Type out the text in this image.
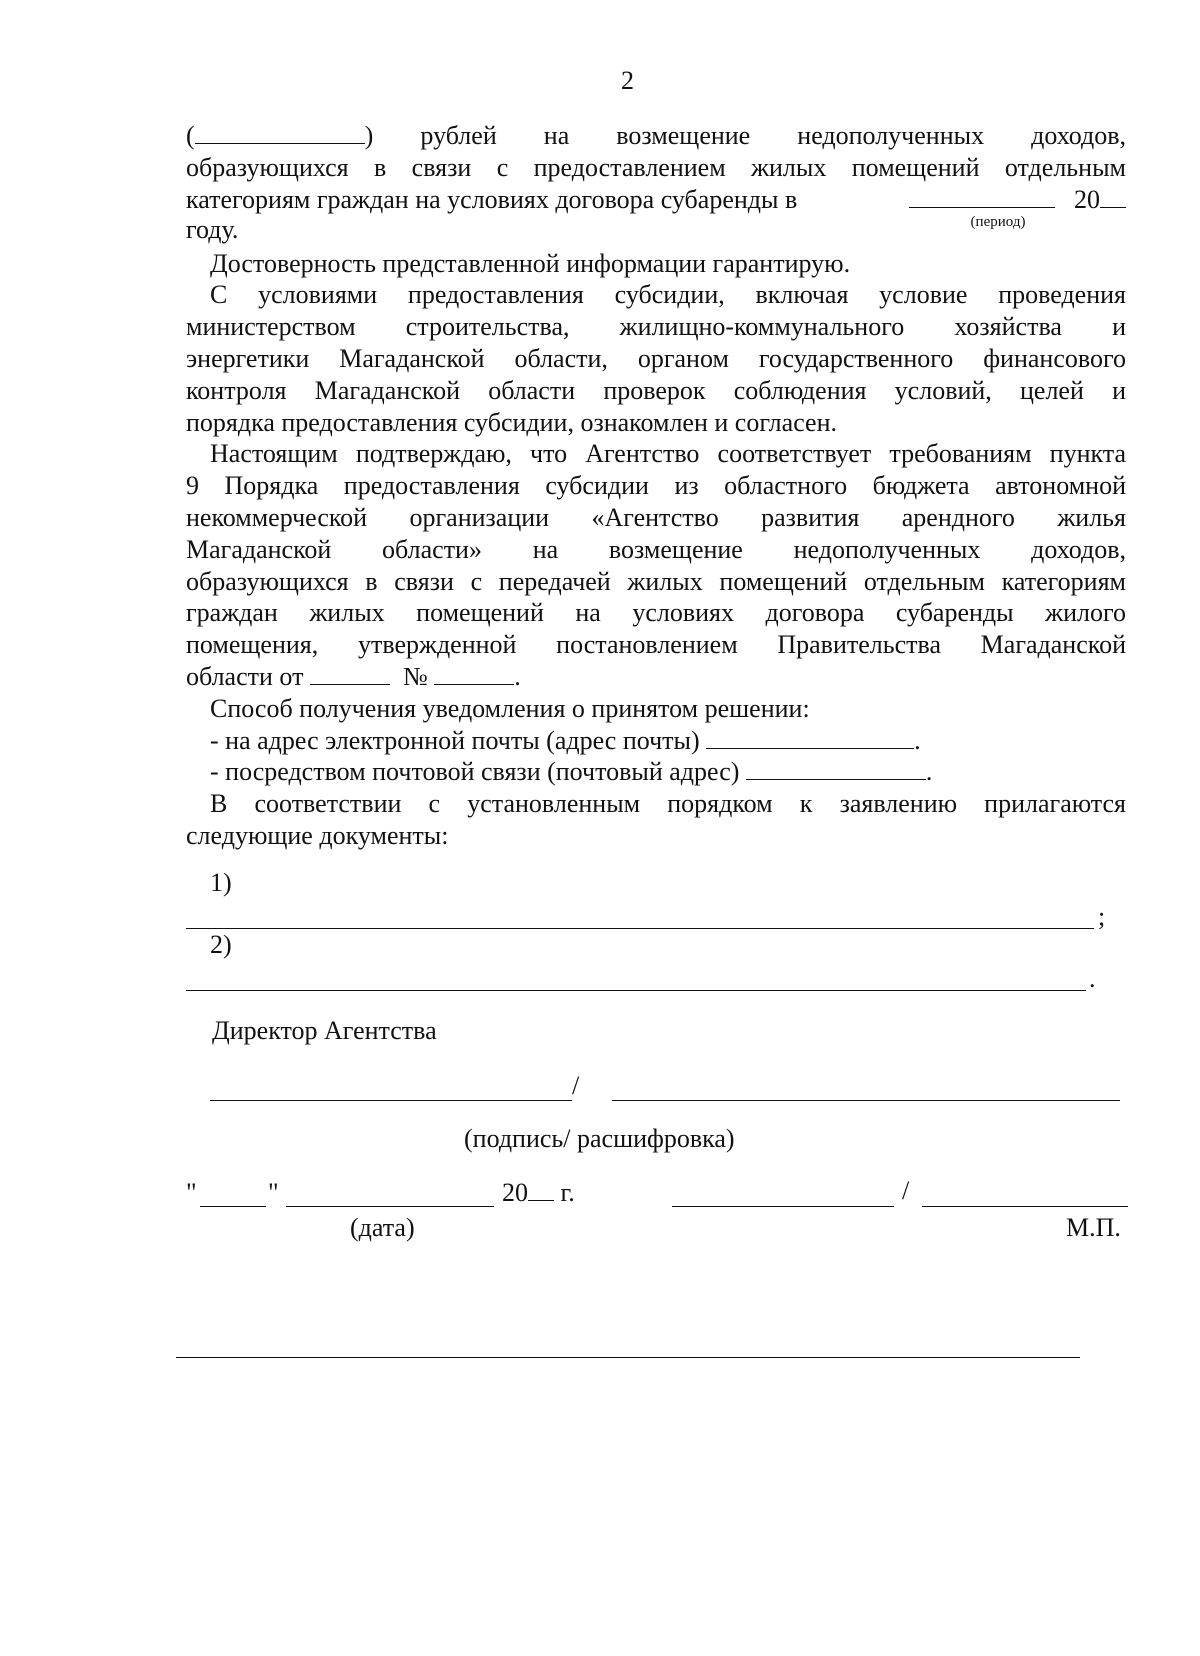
2
(	) рублей на возмещение недополученных доходов,
образующихся в связи с предоставлением жилых помещений отдельным
категориям граждан на условиях договора субаренды в	20
году.	(период)
Достоверность представленной информации гарантирую.
С условиями предоставления субсидии, включая условие проведения
министерством строительства, жилищно-коммунального хозяйства и
энергетики Магаданской области, органом государственного финансового
контроля Магаданской области проверок соблюдения условий, целей и
порядка предоставления субсидии, ознакомлен и согласен.
Настоящим подтверждаю, что Агентство соответствует требованиям пункта
9 Порядка предоставления субсидии из областного бюджета автономной
некоммерческой организации «Агентство развития арендного жилья
Магаданской области» на возмещение недополученных доходов,
образующихся в связи с передачей жилых помещений отдельным категориям
граждан жилых помещений на условиях договора субаренды жилого
помещения, утвержденной постановлением Правительства Магаданской
области от	№	.
Способ получения уведомления о принятом решении:
- на адрес электронной почты (адрес почты)	.
- посредством почтовой связи (почтовый адрес)	.
В соответствии с установленным порядком к заявлению прилагаются
следующие документы:
1)
;
2)
.
Директор Агентства
/
(подпись/ расшифровка)
"	"	20 г.	/
(дата)	М.П.
